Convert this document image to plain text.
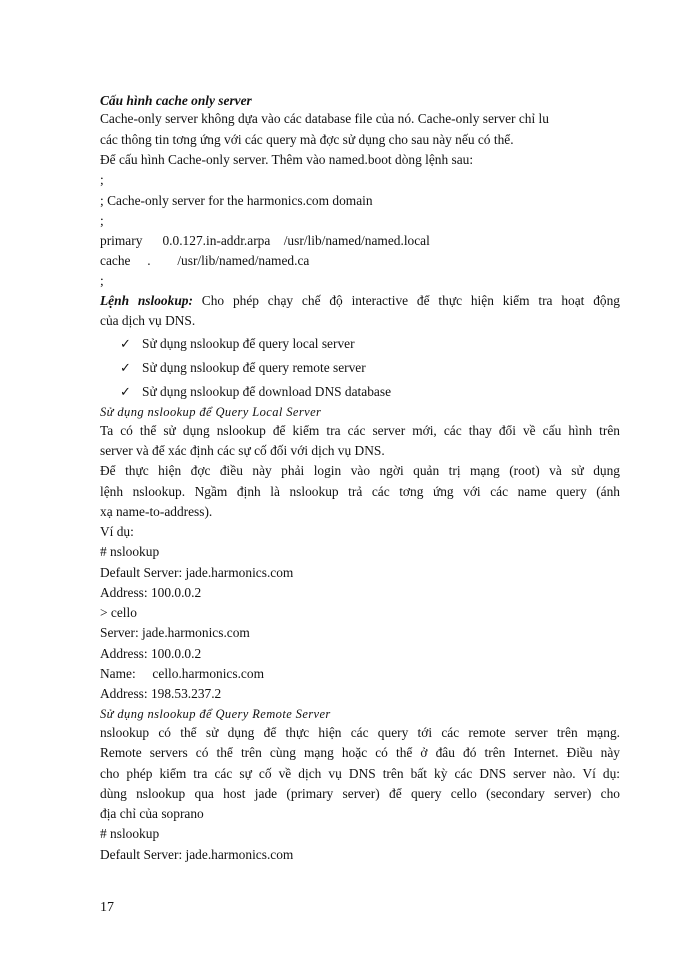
Cấu hình cache only server
Cache-only server không dựa vào các database file của nó. Cache-only server chỉ lu
các thông tin tơng ứng với các query mà đợc sử dụng cho sau này nếu có thể.
Để cấu hình Cache-only server. Thêm vào named.boot dòng lệnh sau:
;
; Cache-only server for the harmonics.com domain
;
primary      0.0.127.in-addr.arpa    /usr/lib/named/named.local
cache     .        /usr/lib/named/named.ca
;
Lệnh nslookup: Cho phép chạy chế độ interactive để thực hiện kiểm tra hoạt động
của dịch vụ DNS.
✓ Sử dụng nslookup để query local server
✓ Sử dụng nslookup để query remote server
✓ Sử dụng nslookup để download DNS database
Sử dụng nslookup để Query Local Server
Ta có thể sử dụng nslookup để kiểm tra các server mới, các thay đổi về cấu hình trên
server và để xác định các sự cố đối với dịch vụ DNS.
Để thực hiện đợc điều này phải login vào ngời quản trị mạng (root) và sử dụng
lệnh nslookup. Ngầm định là nslookup trả các tơng ứng với các name query (ánh
xạ name-to-address).
Ví dụ:
# nslookup
Default Server: jade.harmonics.com
Address: 100.0.0.2
> cello
Server: jade.harmonics.com
Address: 100.0.0.2
Name:     cello.harmonics.com
Address: 198.53.237.2
Sử dụng nslookup để Query Remote Server
nslookup có thể sử dụng để thực hiện các query tới các remote server trên mạng.
Remote servers có thể trên cùng mạng hoặc có thể ở đâu đó trên Internet. Điều này
cho phép kiểm tra các sự cố về dịch vụ DNS trên bất kỳ các DNS server nào. Ví dụ:
dùng nslookup qua host jade (primary server) để query cello (secondary server) cho
địa chỉ của soprano
# nslookup
Default Server: jade.harmonics.com
17
